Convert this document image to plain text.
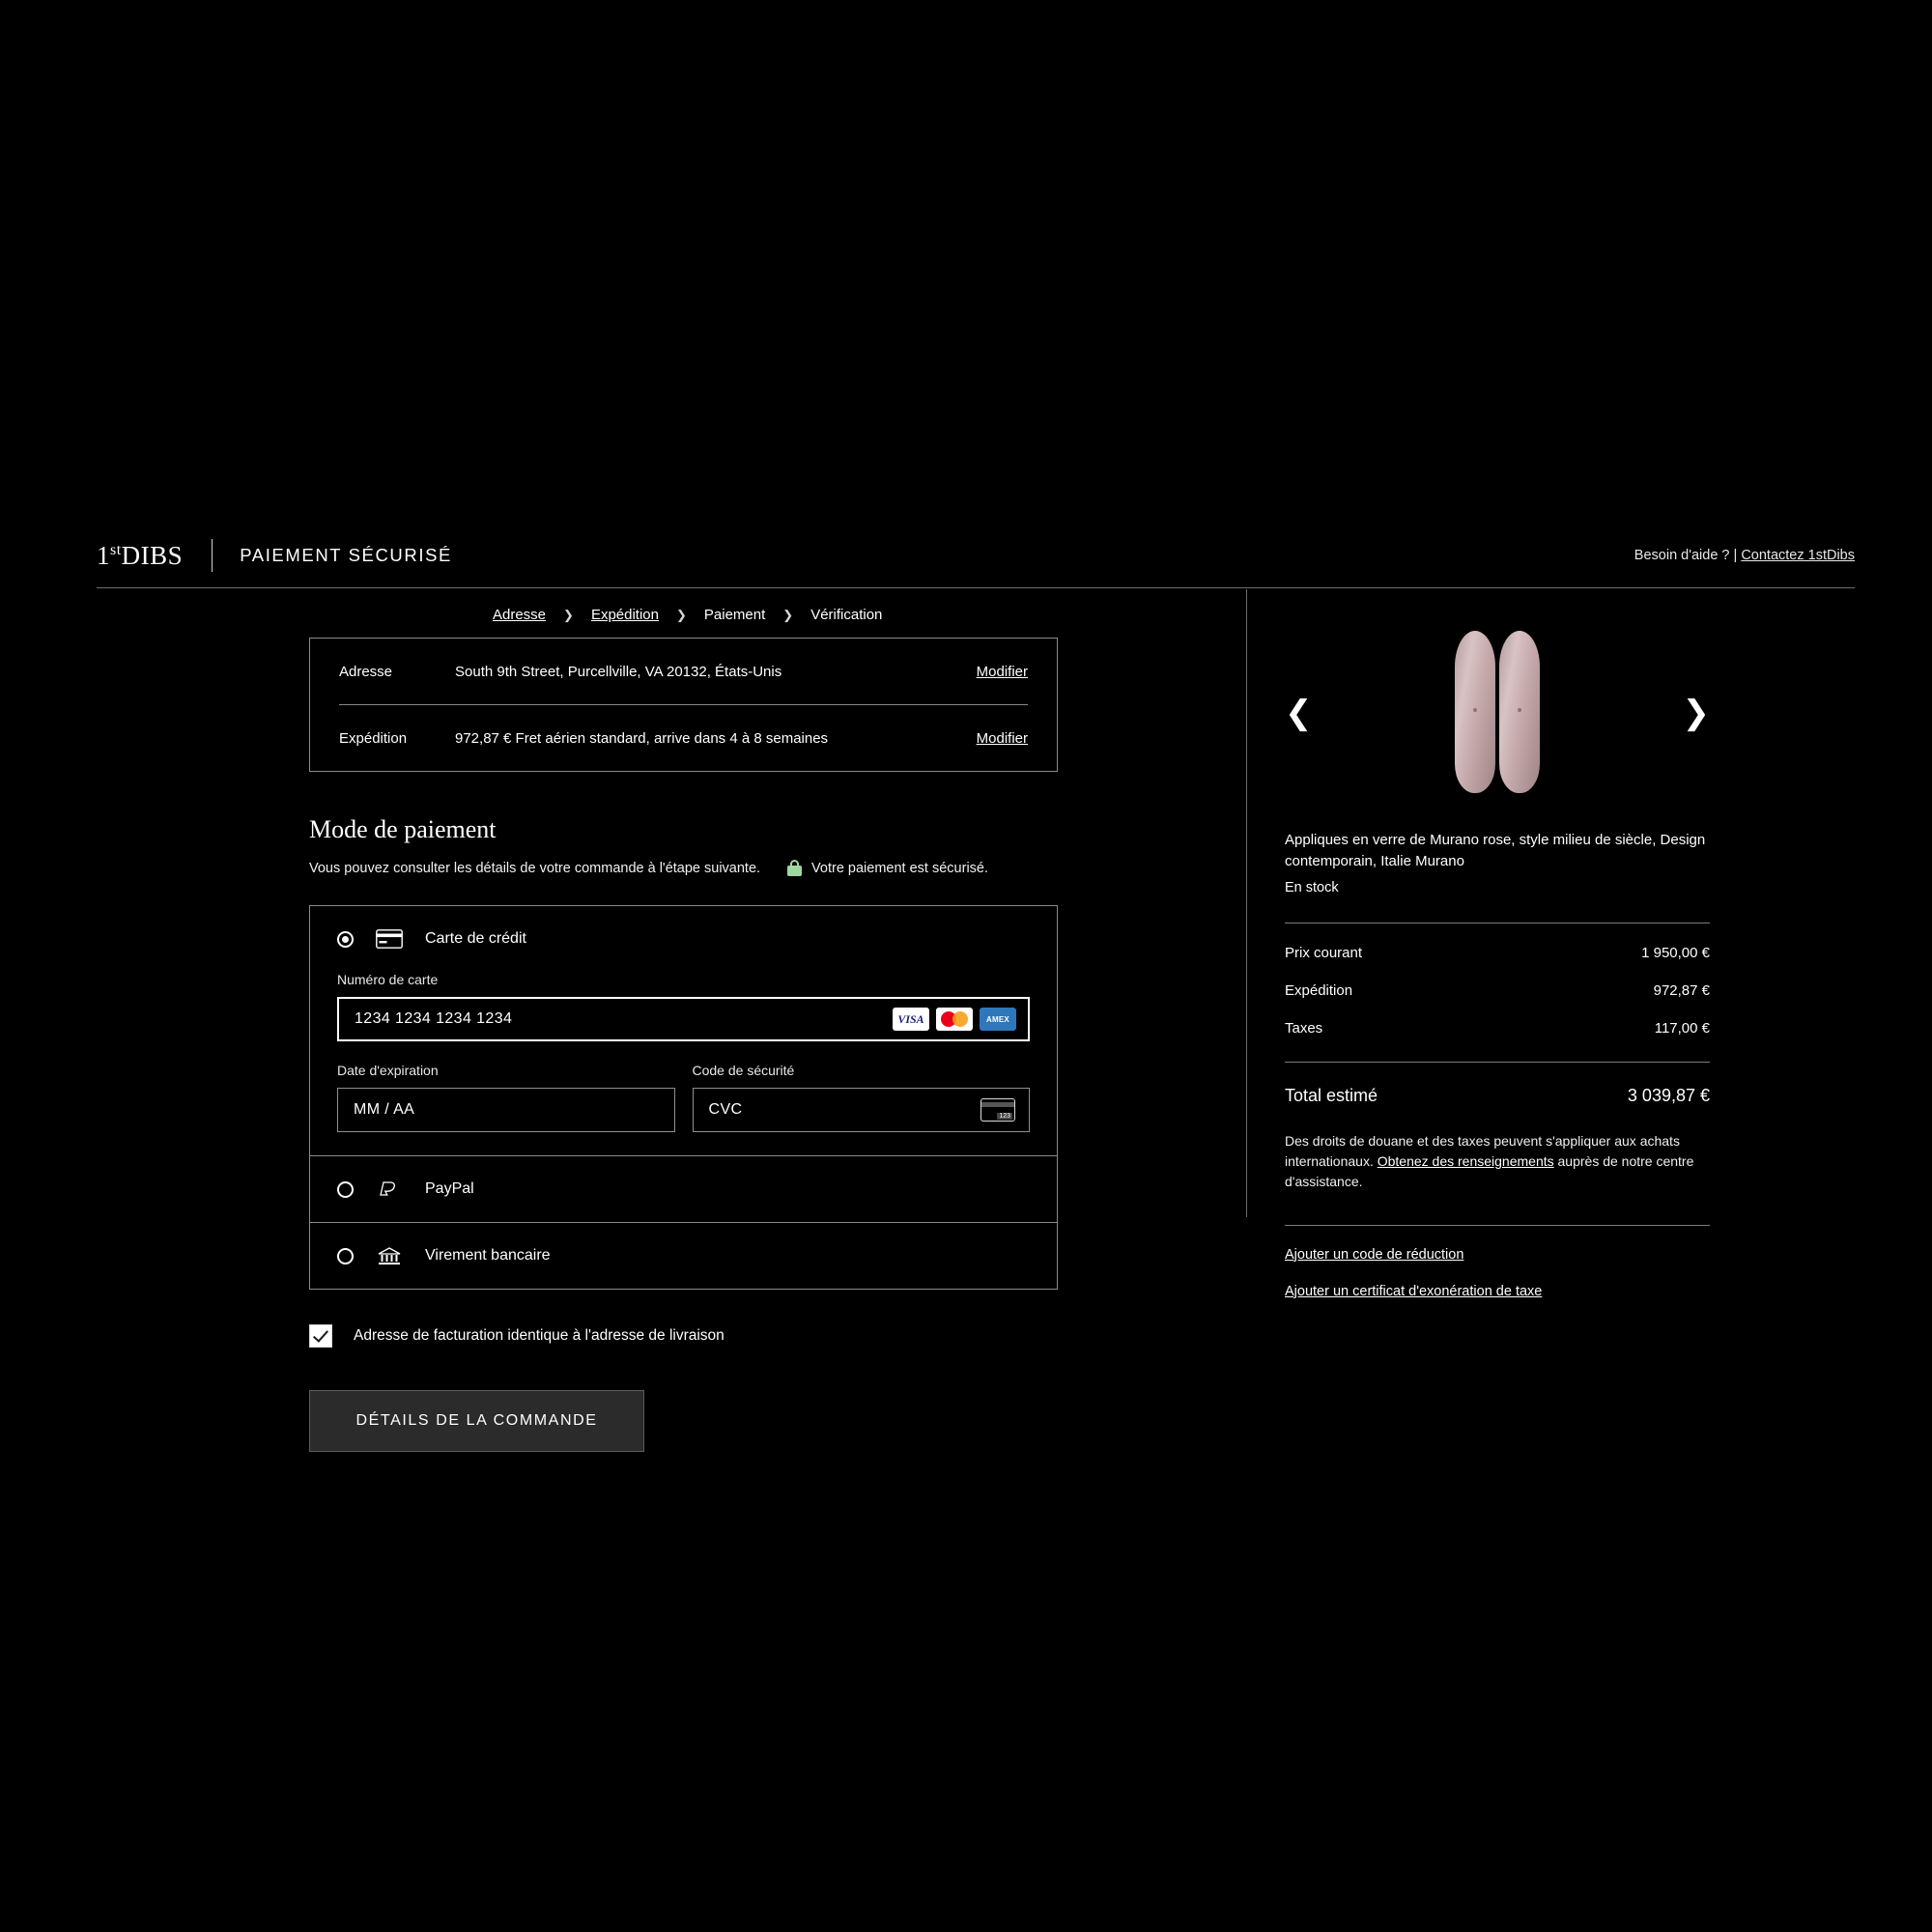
1stDIBS	PAIEMENT SÉCURISÉ	Besoin d'aide ? | Contactez 1stDibs
Adresse ❯ Expédition ❯ Paiement ❯ Vérification
Adresse	South 9th Street, Purcellville, VA 20132, États-Unis	Modifier
Expédition	972,87 € Fret aérien standard, arrive dans 4 à 8 semaines	Modifier
Mode de paiement
Vous pouvez consulter les détails de votre commande à l'étape suivante.	Votre paiement est sécurisé.
Carte de crédit
Numéro de carte
1234 1234 1234 1234	VISA	AMEX
Date d'expiration
MM / AA
Code de sécurité
CVC
123
PayPal
Virement bancaire
Adresse de facturation identique à l'adresse de livraison
DÉTAILS DE LA COMMANDE
❮	❯
Appliques en verre de Murano rose, style milieu de siècle, Design contemporain, Italie Murano
En stock
Prix courant	1 950,00 €
Expédition	972,87 €
Taxes	117,00 €
Total estimé	3 039,87 €
Des droits de douane et des taxes peuvent s'appliquer aux achats internationaux. Obtenez des renseignements auprès de notre centre d'assistance.
Ajouter un code de réduction
Ajouter un certificat d'exonération de taxe
